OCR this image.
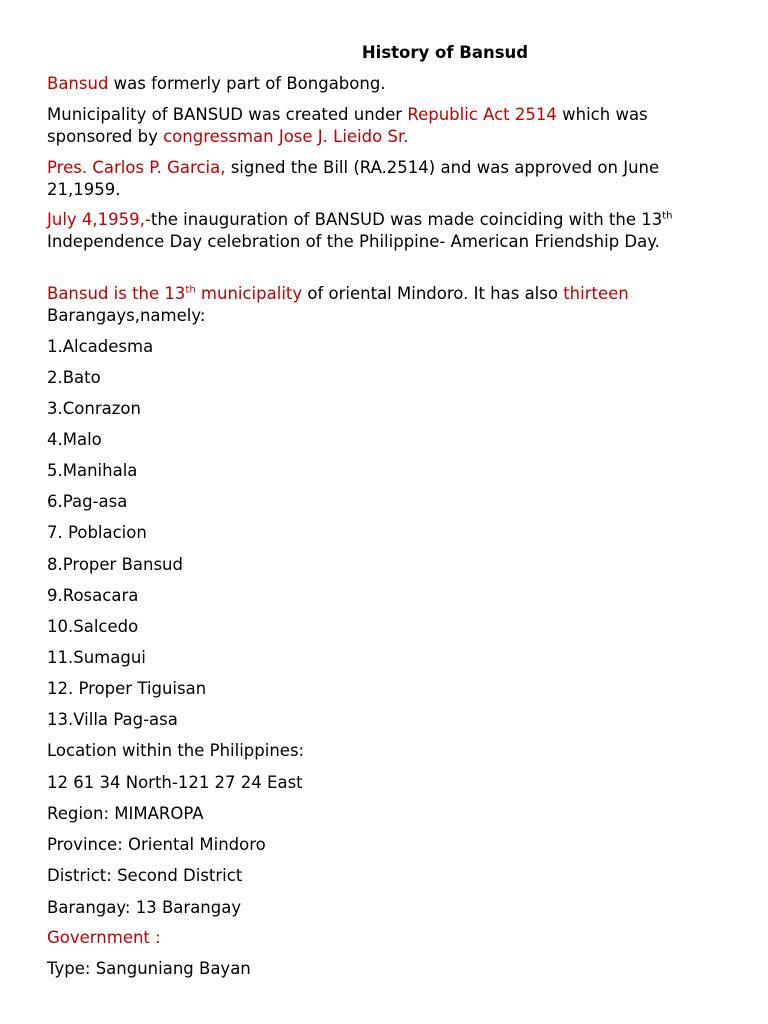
History of Bansud

Bansud was formerly part of Bongabong.

Municipality of BANSUD was created under Republic Act 2514 which was sponsored by congressman Jose J. Lieido Sr.

Pres. Carlos P. Garcia, signed the Bill (RA.2514) and was approved on June 21,1959.

July 4,1959,-the inauguration of BANSUD was made coinciding with the 13th Independence Day celebration of the Philippine- American Friendship Day.

Bansud is the 13th municipality of oriental Mindoro. It has also thirteen Barangays,namely:

1.Alcadesma

2.Bato

3.Conrazon

4.Malo

5.Manihala

6.Pag-asa

7. Poblacion

8.Proper Bansud

9.Rosacara

10.Salcedo

11.Sumagui

12. Proper Tiguisan

13.Villa Pag-asa

Location within the Philippines:

12 61 34 North-121 27 24 East

Region: MIMAROPA

Province: Oriental Mindoro

District: Second District

Barangay: 13 Barangay

Government :

Type: Sanguniang Bayan
